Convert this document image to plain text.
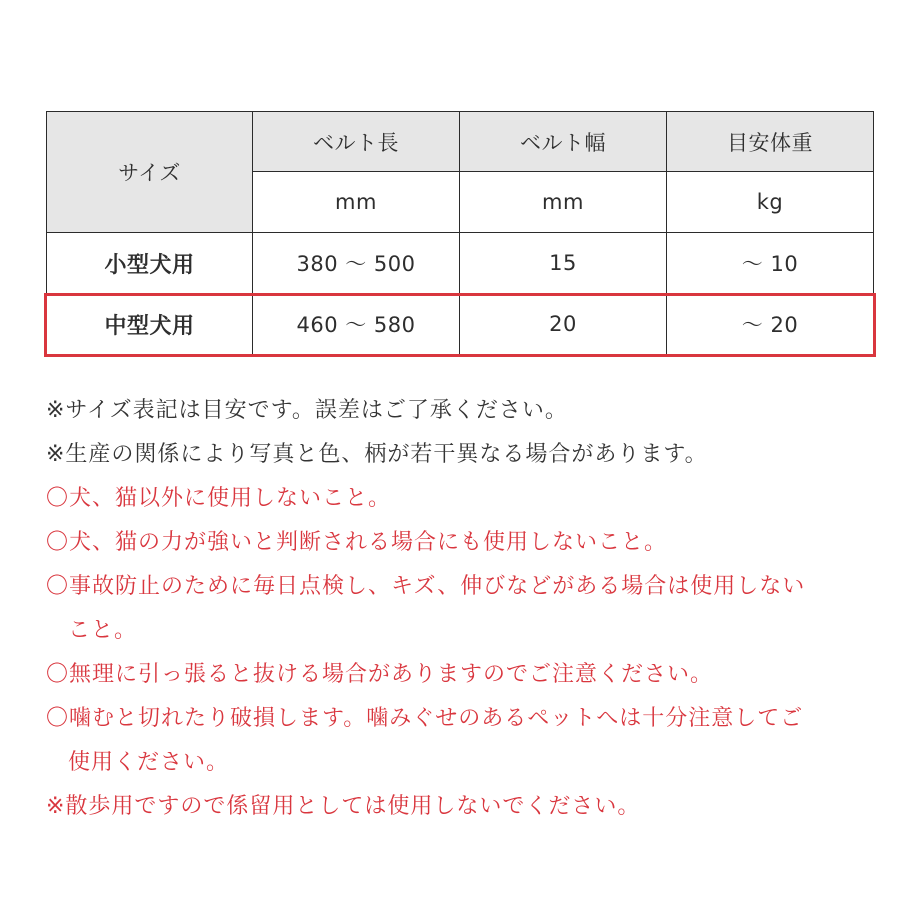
サイズ	ベルト長	ベルト幅	目安体重
	mm	mm	kg
小型犬用	380 〜 500	15	〜 10
中型犬用	460 〜 580	20	〜 20
※サイズ表記は目安です。誤差はご了承ください。
※生産の関係により写真と色、柄が若干異なる場合があります。
〇犬、猫以外に使用しないこと。
〇犬、猫の力が強いと判断される場合にも使用しないこと。
〇事故防止のために毎日点検し、キズ、伸びなどがある場合は使用しない
こと。
〇無理に引っ張ると抜ける場合がありますのでご注意ください。
〇噛むと切れたり破損します。噛みぐせのあるペットへは十分注意してご
使用ください。
※散歩用ですので係留用としては使用しないでください。
